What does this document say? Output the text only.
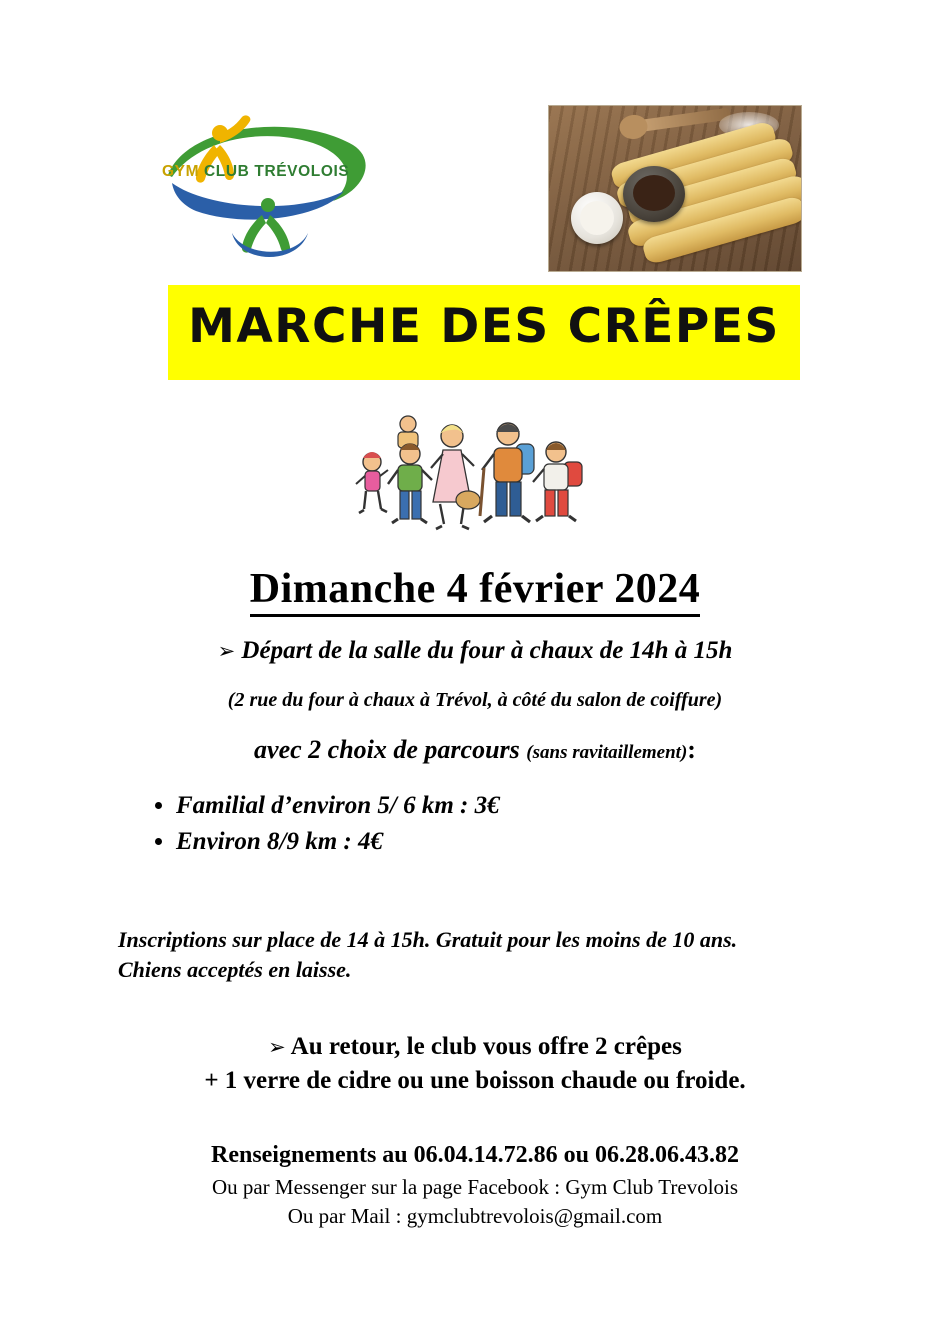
GYM CLUB TRÉVOLOIS
MARCHE DES CRÊPES
Dimanche 4 février 2024
➢ Départ de la salle du four à chaux de 14h à 15h
(2 rue du four à chaux à Trévol, à côté du salon de coiffure)
avec 2 choix de parcours (sans ravitaillement):
• Familial d’environ 5/ 6 km : 3€
• Environ 8/9 km : 4€
Inscriptions sur place de 14 à 15h. Gratuit pour les moins de 10 ans.
Chiens acceptés en laisse.
➢ Au retour, le club vous offre 2 crêpes
+ 1 verre de cidre ou une boisson chaude ou froide.
Renseignements au 06.04.14.72.86 ou 06.28.06.43.82
Ou par Messenger sur la page Facebook : Gym Club Trevolois
Ou par Mail : gymclubtrevolois@gmail.com
